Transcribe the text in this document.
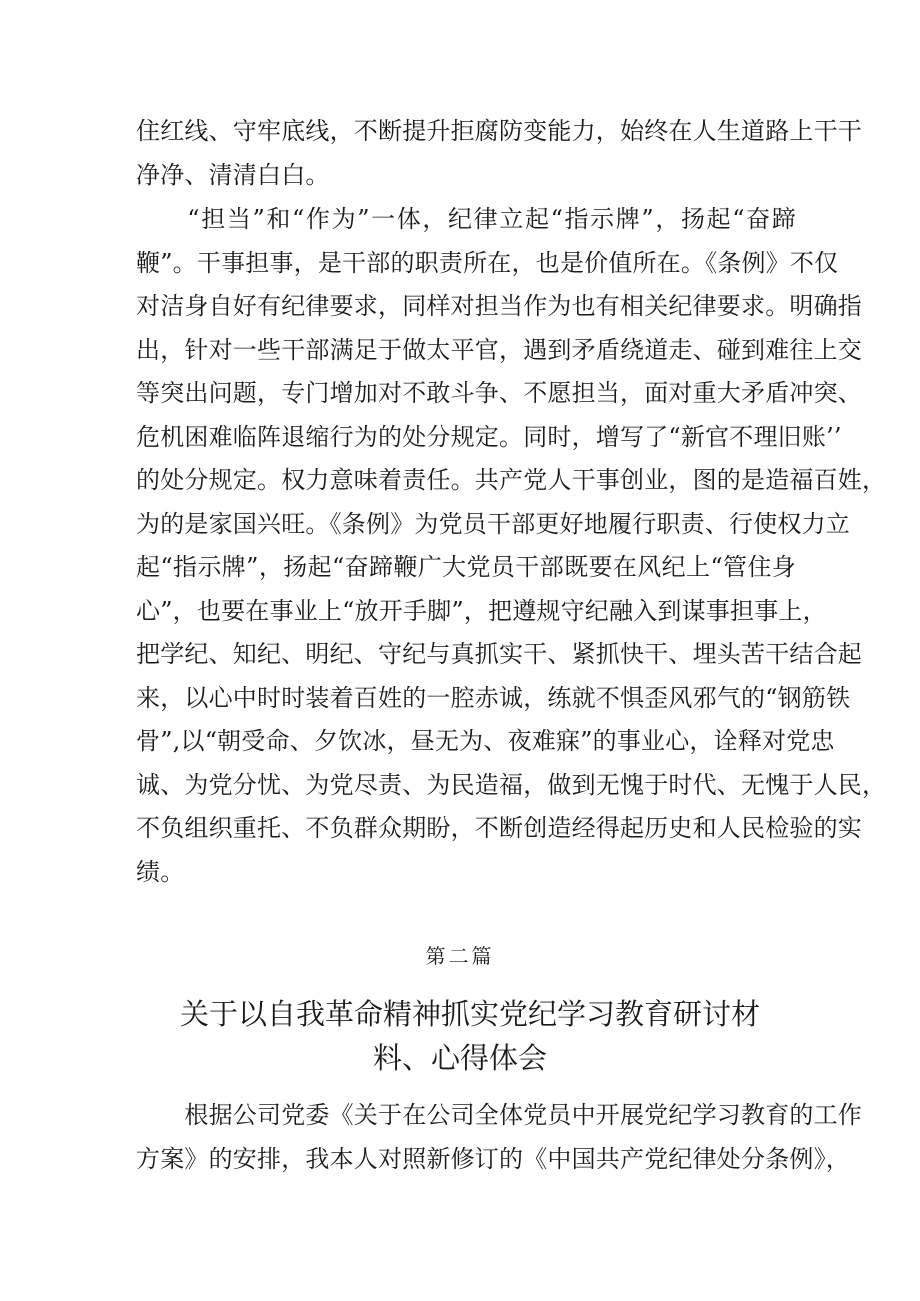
住红线、守牢底线，不断提升拒腐防变能力，始终在人生道路上干干
净净、清清白白。
　　“担当”和“作为”一体，纪律立起“指示牌”，扬起“奋蹄
鞭”。干事担事，是干部的职责所在，也是价值所在。《条例》不仅
对洁身自好有纪律要求，同样对担当作为也有相关纪律要求。明确指
出，针对一些干部满足于做太平官，遇到矛盾绕道走、碰到难往上交
等突出问题，专门增加对不敢斗争、不愿担当，面对重大矛盾冲突、
危机困难临阵退缩行为的处分规定。同时，增写了“新官不理旧账’’
的处分规定。权力意味着责任。共产党人干事创业，图的是造福百姓，
为的是家国兴旺。《条例》为党员干部更好地履行职责、行使权力立
起“指示牌”，扬起“奋蹄鞭广大党员干部既要在风纪上“管住身
心”，也要在事业上“放开手脚”，把遵规守纪融入到谋事担事上，
把学纪、知纪、明纪、守纪与真抓实干、紧抓快干、埋头苦干结合起
来，以心中时时装着百姓的一腔赤诚，练就不惧歪风邪气的“钢筋铁
骨”,以“朝受命、夕饮冰，昼无为、夜难寐”的事业心，诠释对党忠
诚、为党分忧、为党尽责、为民造福，做到无愧于时代、无愧于人民，
不负组织重托、不负群众期盼，不断创造经得起历史和人民检验的实
绩。
第二篇
关于以自我革命精神抓实党纪学习教育研讨材
料、心得体会
　　根据公司党委《关于在公司全体党员中开展党纪学习教育的工作
方案》的安排，我本人对照新修订的《中国共产党纪律处分条例》，
